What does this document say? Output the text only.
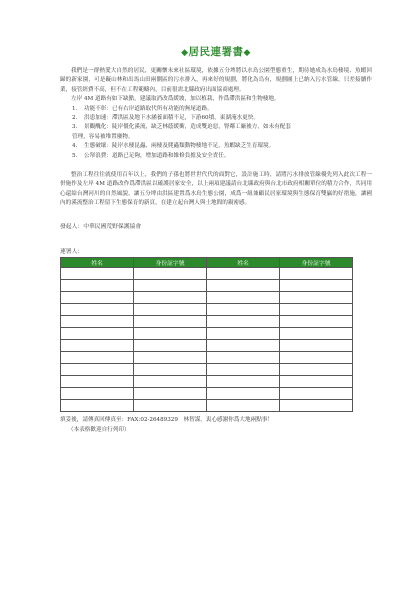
◆居民連署書◆

我們是一群熱愛大自然的居民，更關懷未來社區環境，依據五分埤將以水鳥公園型態重生，期待她成為水鳥棲境、魚蝦回歸的新家園，可是礙山林和出馬山田兩側區的污水排入，再來好的規劃，將化為烏有，規劃圖上已納入污水管線，只差接續作業，接管經費不高，但不在工程範疇內，目前很需北縣政府出面協商處理。

左岸 4M 道路有如下缺點，建議取消改爲緩坡，加以植栽，作爲滯洪區和生物棲地。

1.	功能不彰：已有右岸道路取代所有功能的無尾道路。
2.	洪患加速：滯洪區及地下水涵養面積不足，下游60墳，東湖淹水更快。
3.	景觀醜化：陡岸僵化溪流，缺乏林蔭緩衝，造成雙迫惡，腎鄰工廠後方，如未有配套
管理，容易被堆置廢物。
4.	生態破壞：陡岸水棲昆蟲、兩棲及爬蟲類動物棲地不足，魚蝦缺乏生育環境。
5.	公帑浪費：道路已足夠，增加道路和維修負擔及安全責任。

整治工程往往就使用百年以上，我們的子孫也將世世代代的面對它，設計施工時，請將污水排放管線優先列入此次工程一併施作及左岸 4M 道路改作爲滯洪區以確護居家安全，以上兩項建議請台北縣政府與台北市政府相關單位的積力合作，共同用心還給台灣河川的自然風貌，讓五分埤由洪區建置爲水鳥生態公園，成爲一組兼顧民居家環境與生態保育雙贏的好措施，讓國內的溪流整治工程留下生態保育的新頁，在建立起台灣人與土地間的親密感。

發起人：中華民國荒野保護協會

連署人：

姓名	身份証字號	姓名	身份証字號

填妥後，請傳真回傳真至：FAX:02-26489329　林智謀，衷心感謝你爲大地兩點事！

（本表格歡迎自行列印）
